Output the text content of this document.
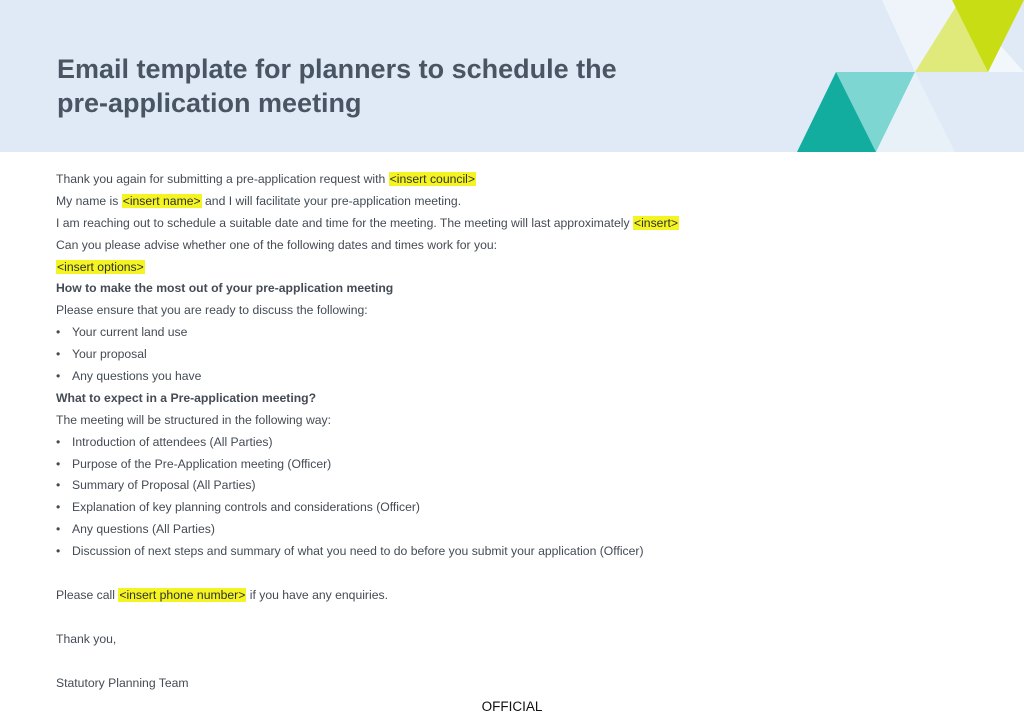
Email template for planners to schedule the
pre-application meeting
Thank you again for submitting a pre-application request with <insert council>
My name is <insert name> and I will facilitate your pre-application meeting.
I am reaching out to schedule a suitable date and time for the meeting. The meeting will last approximately <insert>
Can you please advise whether one of the following dates and times work for you:
<insert options>
How to make the most out of your pre-application meeting
Please ensure that you are ready to discuss the following:
• Your current land use
• Your proposal
• Any questions you have
What to expect in a Pre-application meeting?
The meeting will be structured in the following way:
• Introduction of attendees (All Parties)
• Purpose of the Pre-Application meeting (Officer)
• Summary of Proposal (All Parties)
• Explanation of key planning controls and considerations (Officer)
• Any questions (All Parties)
• Discussion of next steps and summary of what you need to do before you submit your application (Officer)
Please call <insert phone number> if you have any enquiries.
Thank you,
Statutory Planning Team
OFFICIAL
